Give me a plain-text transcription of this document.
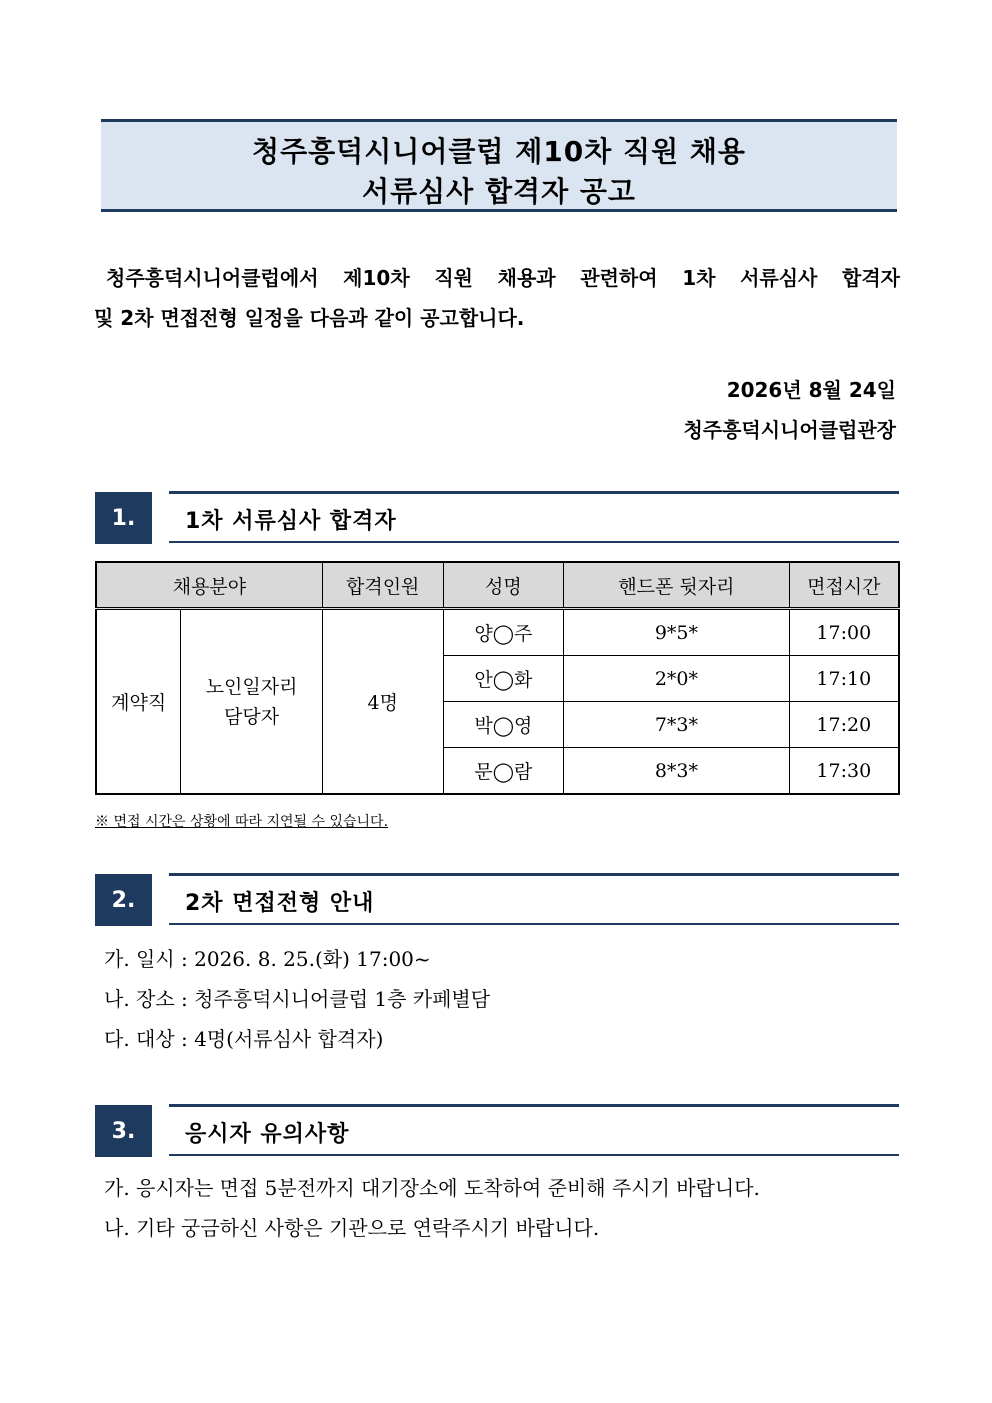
청주흥덕시니어클럽 제10차 직원 채용
서류심사 합격자 공고
청주흥덕시니어클럽에서 제10차 직원 채용과 관련하여 1차 서류심사 합격자
및 2차 면접전형 일정을 다음과 같이 공고합니다.
2026년 8월 24일
청주흥덕시니어클럽관장
1.	1차 서류심사 합격자
채용분야		합격인원	성명	핸드폰 뒷자리	면접시간
계약직	노인일자리
담당자	4명	양◯주	9*5*	17:00
			안◯화	2*0*	17:10
			박◯영	7*3*	17:20
			문◯람	8*3*	17:30
※ 면접 시간은 상황에 따라 지연될 수 있습니다.
2.	2차 면접전형 안내
가. 일시 : 2026. 8. 25.(화) 17:00~
나. 장소 : 청주흥덕시니어클럽 1층 카페별담
다. 대상 : 4명(서류심사 합격자)
3.	응시자 유의사항
가. 응시자는 면접 5분전까지 대기장소에 도착하여 준비해 주시기 바랍니다.
나. 기타 궁금하신 사항은 기관으로 연락주시기 바랍니다.
